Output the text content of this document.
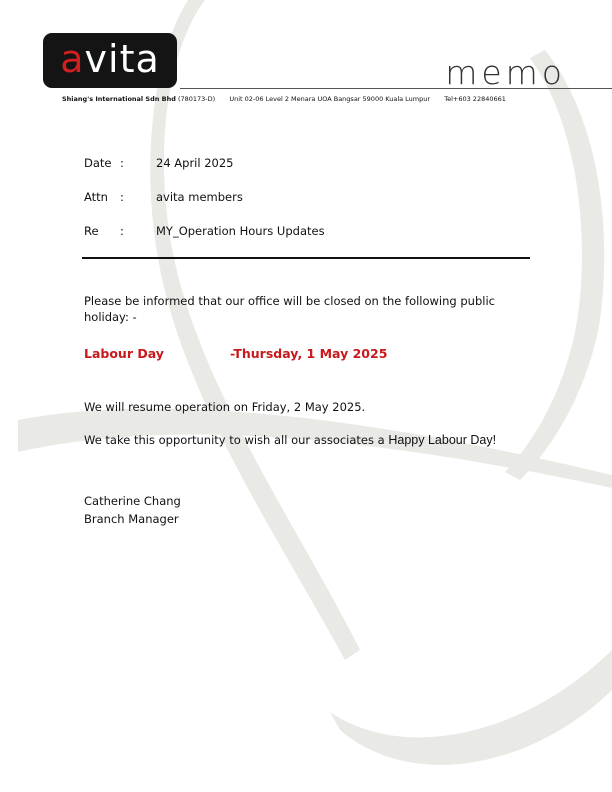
avita	memo
Shiang's International Sdn Bhd (780173-D) Unit 02-06 Level 2 Menara UOA Bangsar 59000 Kuala Lumpur Tel+603 22840661
Date :	24 April 2025
Attn :	avita members
Re :	MY_Operation Hours Updates
Please be informed that our office will be closed on the following public holiday: -
Labour Day	-Thursday, 1 May 2025
We will resume operation on Friday, 2 May 2025.
We take this opportunity to wish all our associates a Happy Labour Day!
Catherine Chang
Branch Manager
